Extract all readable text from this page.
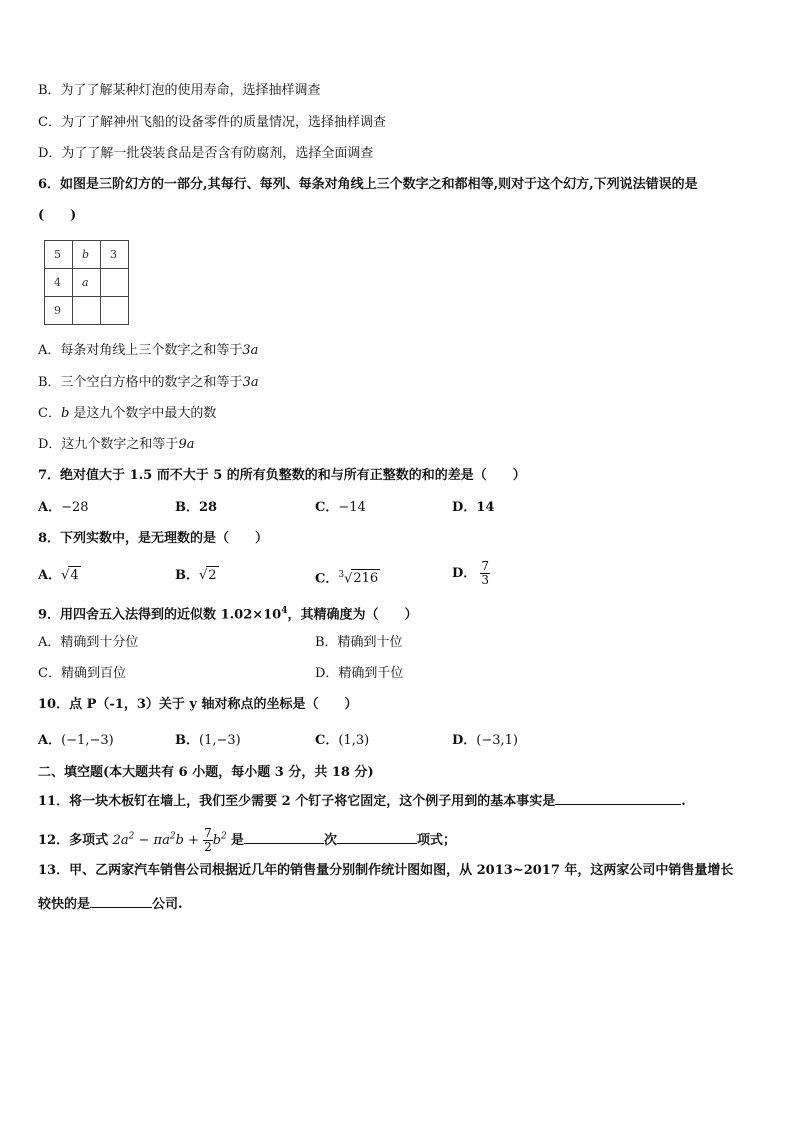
B．为了了解某种灯泡的使用寿命，选择抽样调查
C．为了了解神州飞船的设备零件的质量情况，选择抽样调查
D．为了了解一批袋装食品是否含有防腐剂，选择全面调查
6．如图是三阶幻方的一部分,其每行、每列、每条对角线上三个数字之和都相等,则对于这个幻方,下列说法错误的是
(　　)
5	b	3
4	a	
9		
A．每条对角线上三个数字之和等于3a
B．三个空白方格中的数字之和等于3a
C．b 是这九个数字中最大的数
D．这九个数字之和等于9a
7．绝对值大于 1.5 而不大于 5 的所有负整数的和与所有正整数的和的差是（　　）
A．−28	B．28	C．−14	D．14
8．下列实数中，是无理数的是（　　）
A．√4	B．√2	C．$^3$√216	D． $\frac{7}{3}$
9．用四舍五入法得到的近似数 $1.02\times 10^4$，其精确度为（　　）
A．精确到十分位	B．精确到十位
C．精确到百位	D．精确到千位
10．点 P（-1，3）关于 y 轴对称点的坐标是（　　）
A．(−1,−3)	B．(1,−3)	C．(1,3)	D．(−3,1)
二、填空题(本大题共有 6 小题，每小题 3 分，共 18 分)
11．将一块木板钉在墙上，我们至少需要 2 个钉子将它固定，这个例子用到的基本事实是	.
12．多项式 $2a^2 - \pi a^2b + \frac{7}{2} b^2$ 是	次	项式；
13．甲、乙两家汽车销售公司根据近几年的销售量分别制作统计图如图，从 2013~2017 年，这两家公司中销售量增长
较快的是	公司.
